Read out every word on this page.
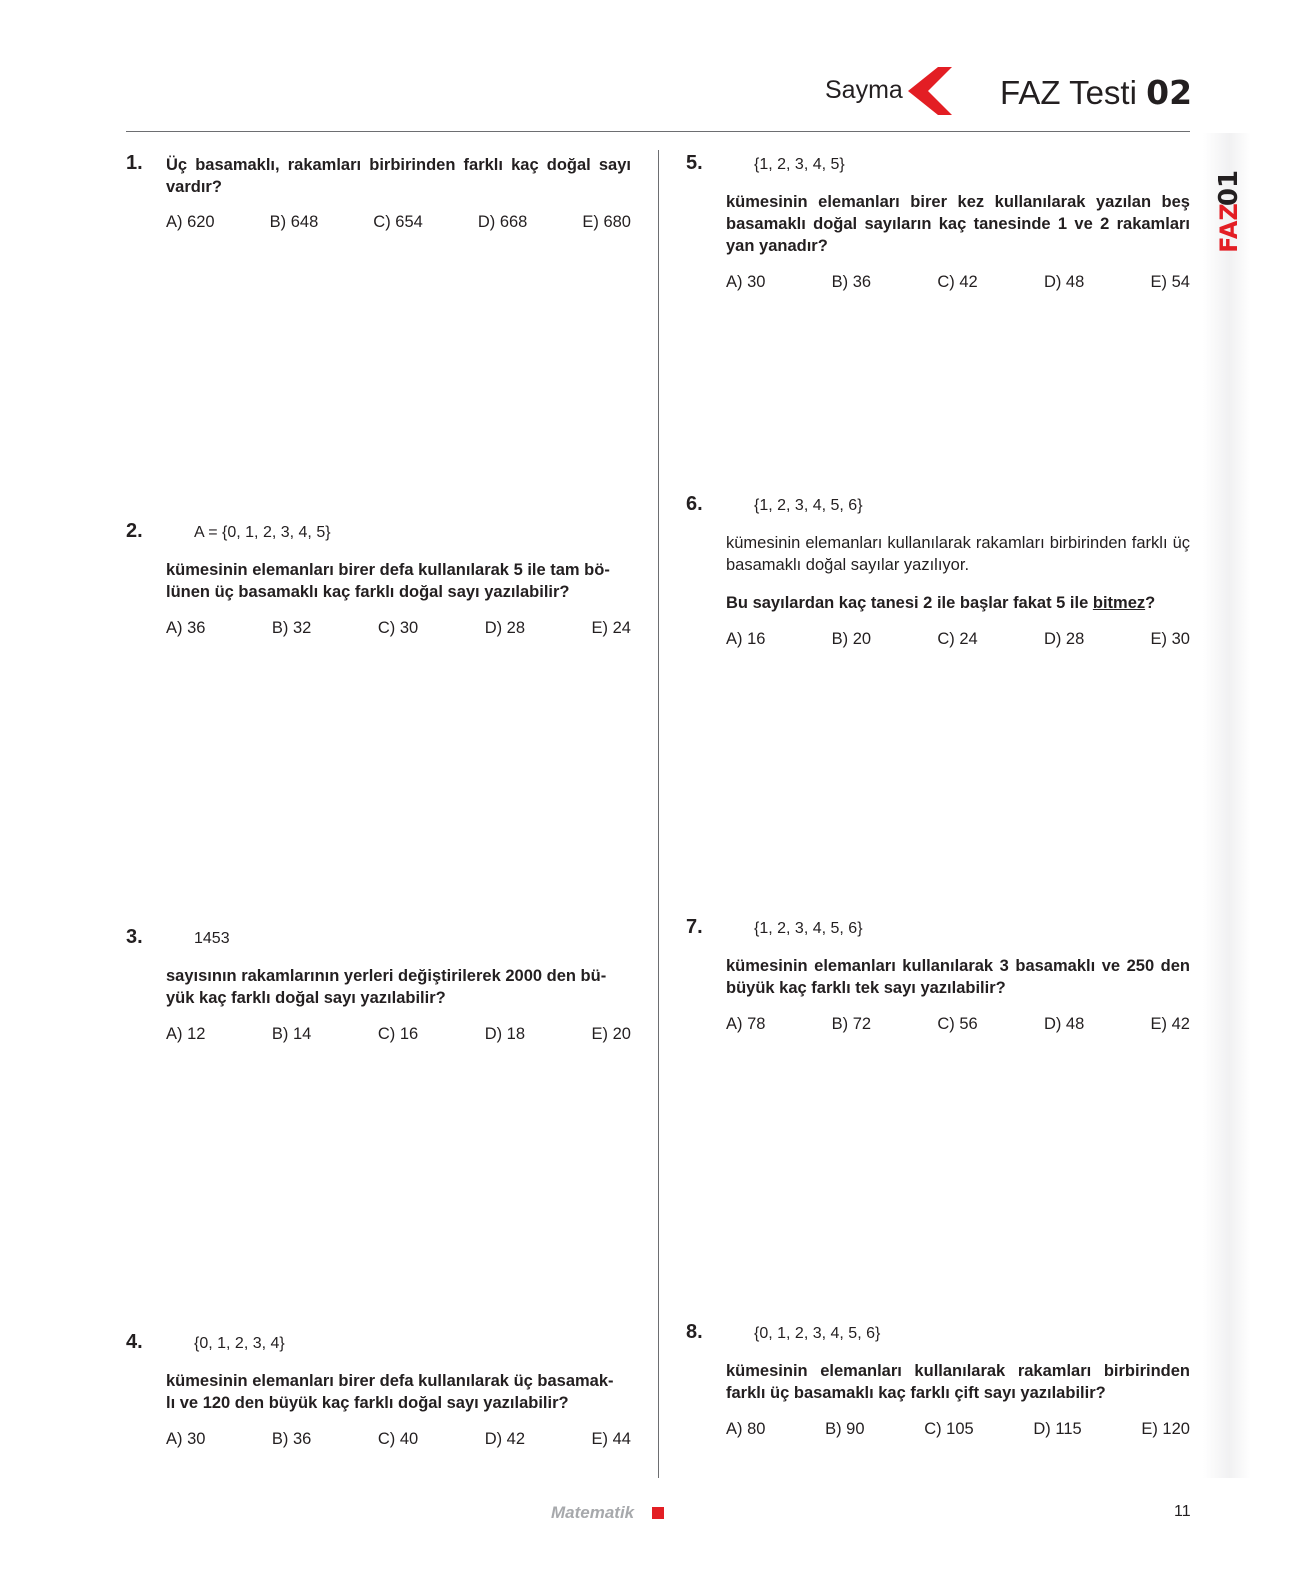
Sayma	FAZ Testi 02
01
FAZ
1. Üç basamaklı, rakamları birbirinden farklı kaç doğal sayı vardır?

A) 620	B) 648	C) 654	D) 668	E) 680
2.	A = {0, 1, 2, 3, 4, 5}

kümesinin elemanları birer defa kullanılarak 5 ile tam bö-
lünen üç basamaklı kaç farklı doğal sayı yazılabilir?

A) 36	B) 32	C) 30	D) 28	E) 24
3.	1453

sayısının rakamlarının yerleri değiştirilerek 2000 den bü-
yük kaç farklı doğal sayı yazılabilir?

A) 12	B) 14	C) 16	D) 18	E) 20
4.	{0, 1, 2, 3, 4}

kümesinin elemanları birer defa kullanılarak üç basamak-
lı ve 120 den büyük kaç farklı doğal sayı yazılabilir?

A) 30	B) 36	C) 40	D) 42	E) 44
5.	{1, 2, 3, 4, 5}

kümesinin elemanları birer kez kullanılarak yazılan beş basamaklı doğal sayıların kaç tanesinde 1 ve 2 rakamları yan yanadır?

A) 30	B) 36	C) 42	D) 48	E) 54
6.	{1, 2, 3, 4, 5, 6}

kümesinin elemanları kullanılarak rakamları birbirinden farklı üç basamaklı doğal sayılar yazılıyor.

Bu sayılardan kaç tanesi 2 ile başlar fakat 5 ile bitmez?

A) 16	B) 20	C) 24	D) 28	E) 30
7.	{1, 2, 3, 4, 5, 6}

kümesinin elemanları kullanılarak 3 basamaklı ve 250 den büyük kaç farklı tek sayı yazılabilir?

A) 78	B) 72	C) 56	D) 48	E) 42
8.	{0, 1, 2, 3, 4, 5, 6}

kümesinin elemanları kullanılarak rakamları birbirinden farklı üç basamaklı kaç farklı çift sayı yazılabilir?

A) 80	B) 90	C) 105	D) 115	E) 120
Matematik	11
